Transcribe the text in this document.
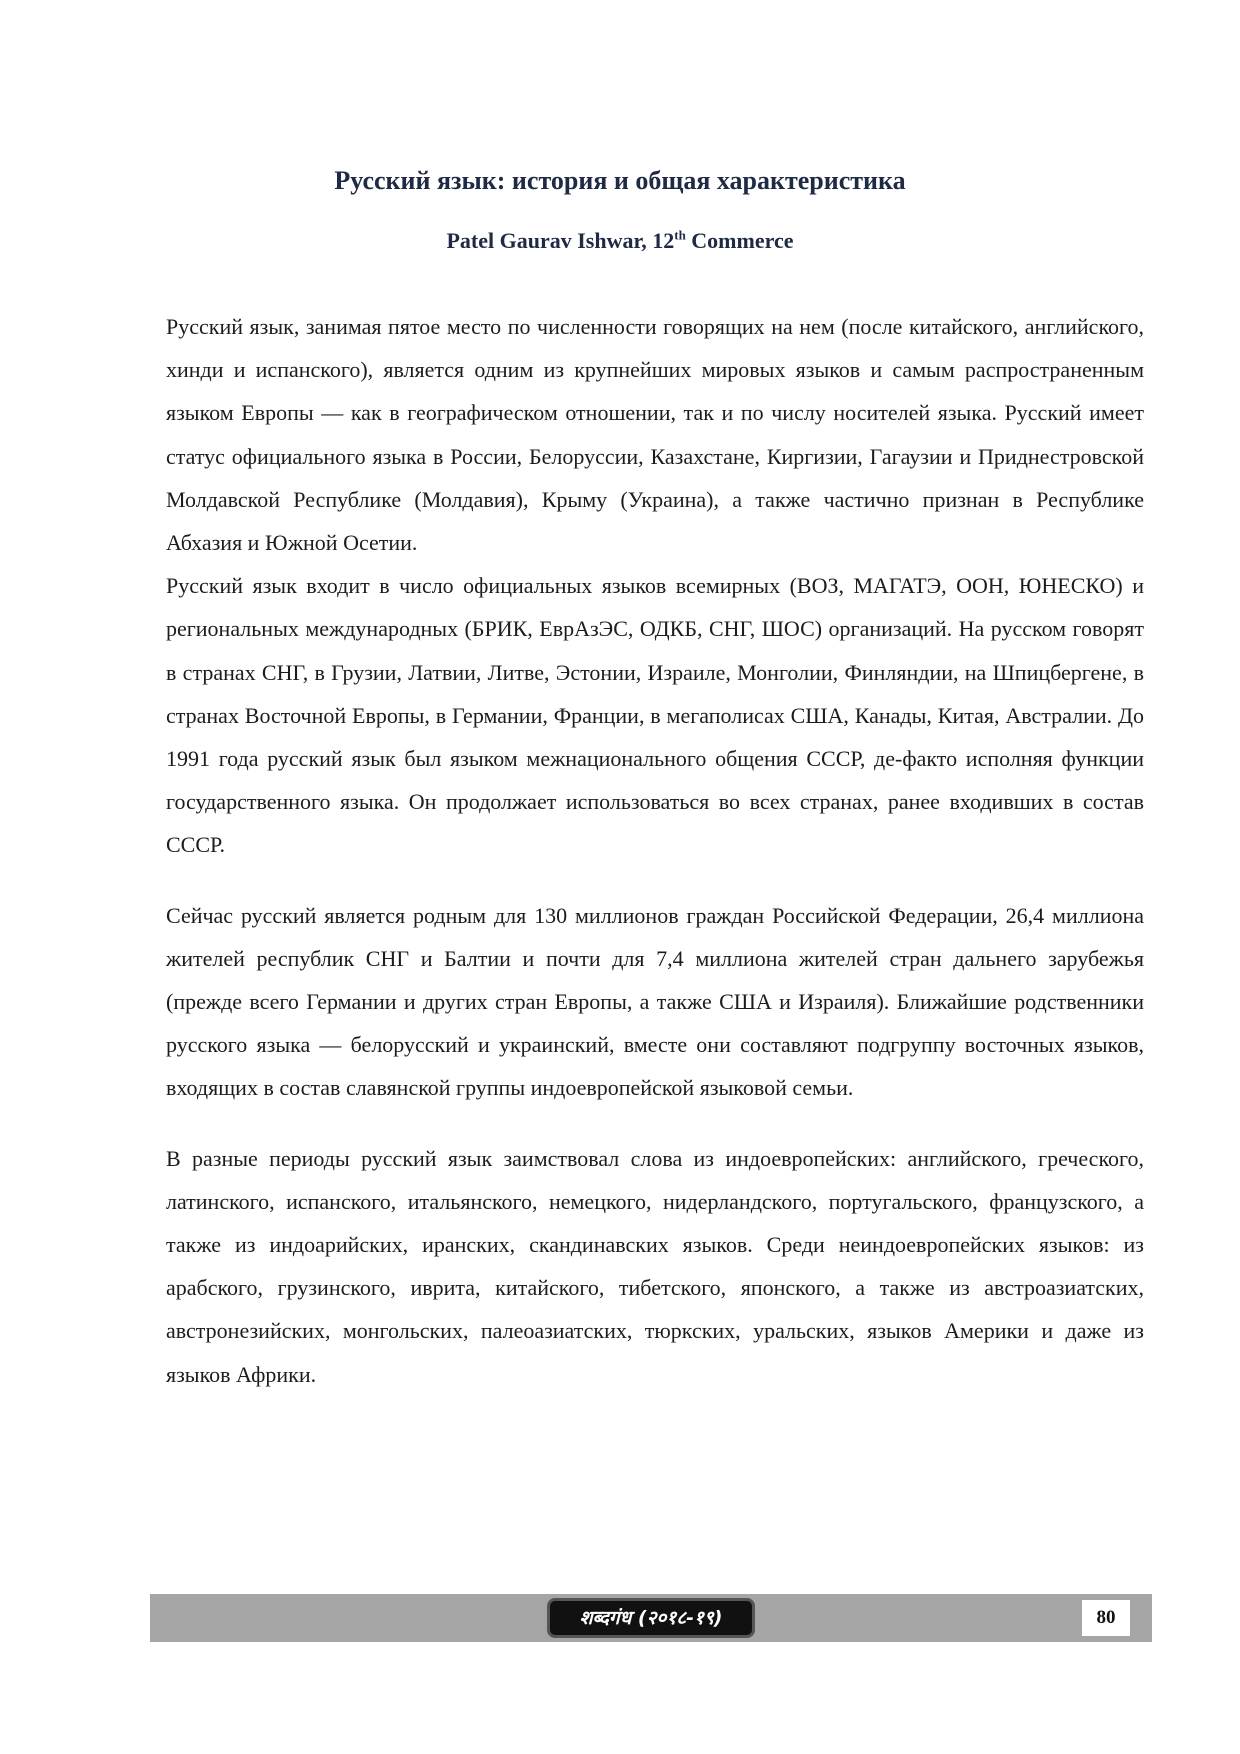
Русский язык: история и общая характеристика
Patel Gaurav Ishwar, 12th Commerce

Русский язык, занимая пятое место по численности говорящих на нем (после китайского, английского, хинди и испанского), является одним из крупнейших мировых языков и самым распространенным языком Европы — как в географическом отношении, так и по числу носителей языка. Русский имеет статус официального языка в России, Белоруссии, Казахстане, Киргизии, Гагаузии и Приднестровской Молдавской Республике (Молдавия), Крыму (Украина), а также частично признан в Республике Абхазия и Южной Осетии.

Русский язык входит в число официальных языков всемирных (ВОЗ, МАГАТЭ, ООН, ЮНЕСКО) и региональных международных (БРИК, ЕврАзЭС, ОДКБ, СНГ, ШОС) организаций. На русском говорят в странах СНГ, в Грузии, Латвии, Литве, Эстонии, Израиле, Монголии, Финляндии, на Шпицбергене, в странах Восточной Европы, в Германии, Франции, в мегаполисах США, Канады, Китая, Австралии. До 1991 года русский язык был языком межнационального общения СССР, де-факто исполняя функции государственного языка. Он продолжает использоваться во всех странах, ранее входивших в состав СССР.

Сейчас русский является родным для 130 миллионов граждан Российской Федерации, 26,4 миллиона жителей республик СНГ и Балтии и почти для 7,4 миллиона жителей стран дальнего зарубежья (прежде всего Германии и других стран Европы, а также США и Израиля). Ближайшие родственники русского языка — белорусский и украинский, вместе они составляют подгруппу восточных языков, входящих в состав славянской группы индоевропейской языковой семьи.

В разные периоды русский язык заимствовал слова из индоевропейских: английского, греческого, латинского, испанского, итальянского, немецкого, нидерландского, португальского, французского, а также из индоарийских, иранских, скандинавских языков. Среди неиндоевропейских языков: из арабского, грузинского, иврита, китайского, тибетского, японского, а также из австроазиатских, австронезийских, монгольских, палеоазиатских, тюркских, уральских, языков Америки и даже из языков Африки.

शब्दगंध (२०१८-१९)	80
